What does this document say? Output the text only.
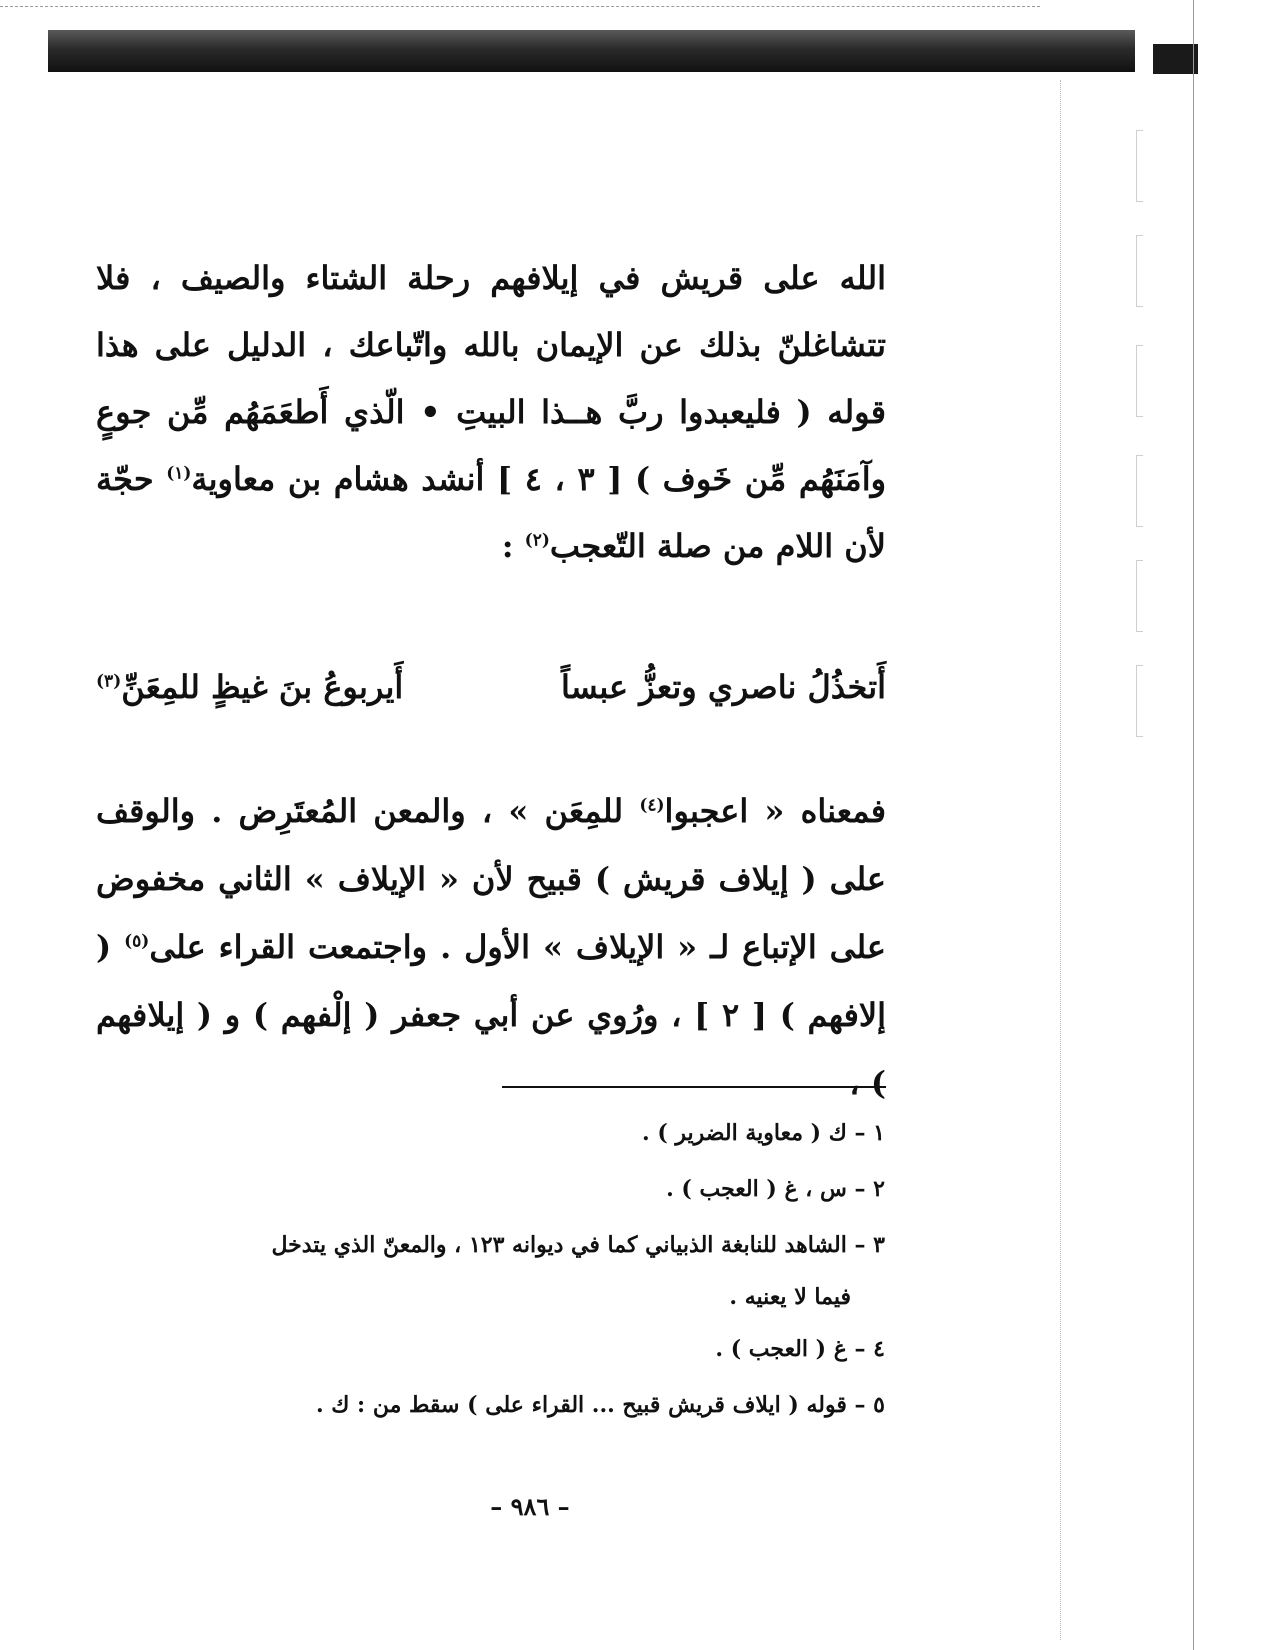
الله على قريش في إيلافهم رحلة الشتاء والصيف ، فلا تتشاغلنّ بذلك عن الإيمان بالله واتّباعك ، الدليل على هذا قوله ( فليعبدوا ربَّ هــذا البيتِ • الّذي أَطعَمَهُم مِّن جوعٍ وآمَنَهُم مِّن خَوف ) [ ٣ ، ٤ ] أنشد هشام بن معاوية$^{(١)}$ حجّة لأن اللام من صلة التّعجب$^{(٢)}$ :

أَتخذُلُ ناصري وتعزُّ عبساً
أَيربوعُ بنَ غيظٍ للمِعَنِّ$^{(٣)}$

فمعناه « اعجبوا$^{(٤)}$ للمِعَن » ، والمعن المُعتَرِض . والوقف على ( إيلاف قريش ) قبيح لأن « الإيلاف » الثاني مخفوض على الإتباع لـ « الإيلاف » الأول . واجتمعت القراء على$^{(٥)}$ ( إلافهم ) [ ٢ ] ، ورُوي عن أبي جعفر ( إلْفهم ) و ( إيلافهم ) ،

١ – ك ( معاوية الضرير ) .
٢ – س ، غ ( العجب ) .
٣ – الشاهد للنابغة الذبياني كما في ديوانه ١٢٣ ، والمعنّ الذي يتدخل
فيما لا يعنيه .
٤ – غ ( العجب ) .
٥ – قوله ( ايلاف قريش قبيح ... القراء على ) سقط من : ك .
– ٩٨٦ –
